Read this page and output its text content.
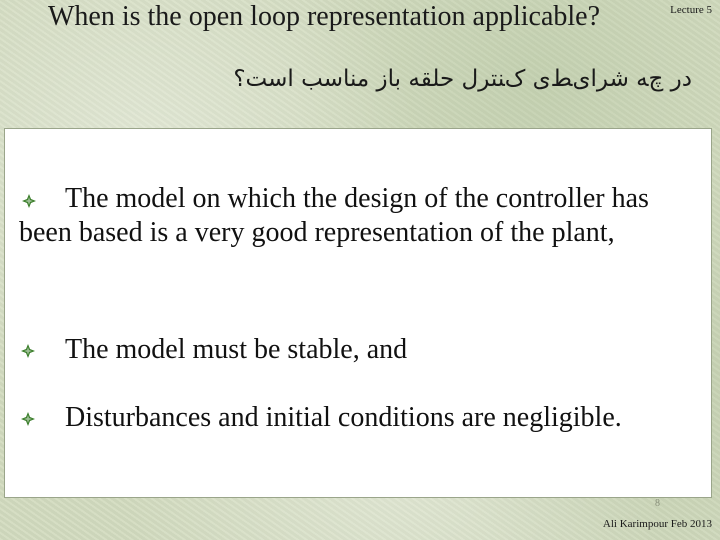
When is the open loop representation applicable?	Lecture 5
در چﻪ ﺷﺮﺍیﻂی کﻨﺘﺮﻝ ﺣﻠﻘﻪ ﺑﺎﺯ ﻣﻨﺎﺳﺐ ﺍﺳﺖ؟
The model on which the design of the controller has been based is a very good representation of the plant,
The model must be stable, and
Disturbances and initial conditions are negligible.
8
Ali Karimpour Feb 2013
